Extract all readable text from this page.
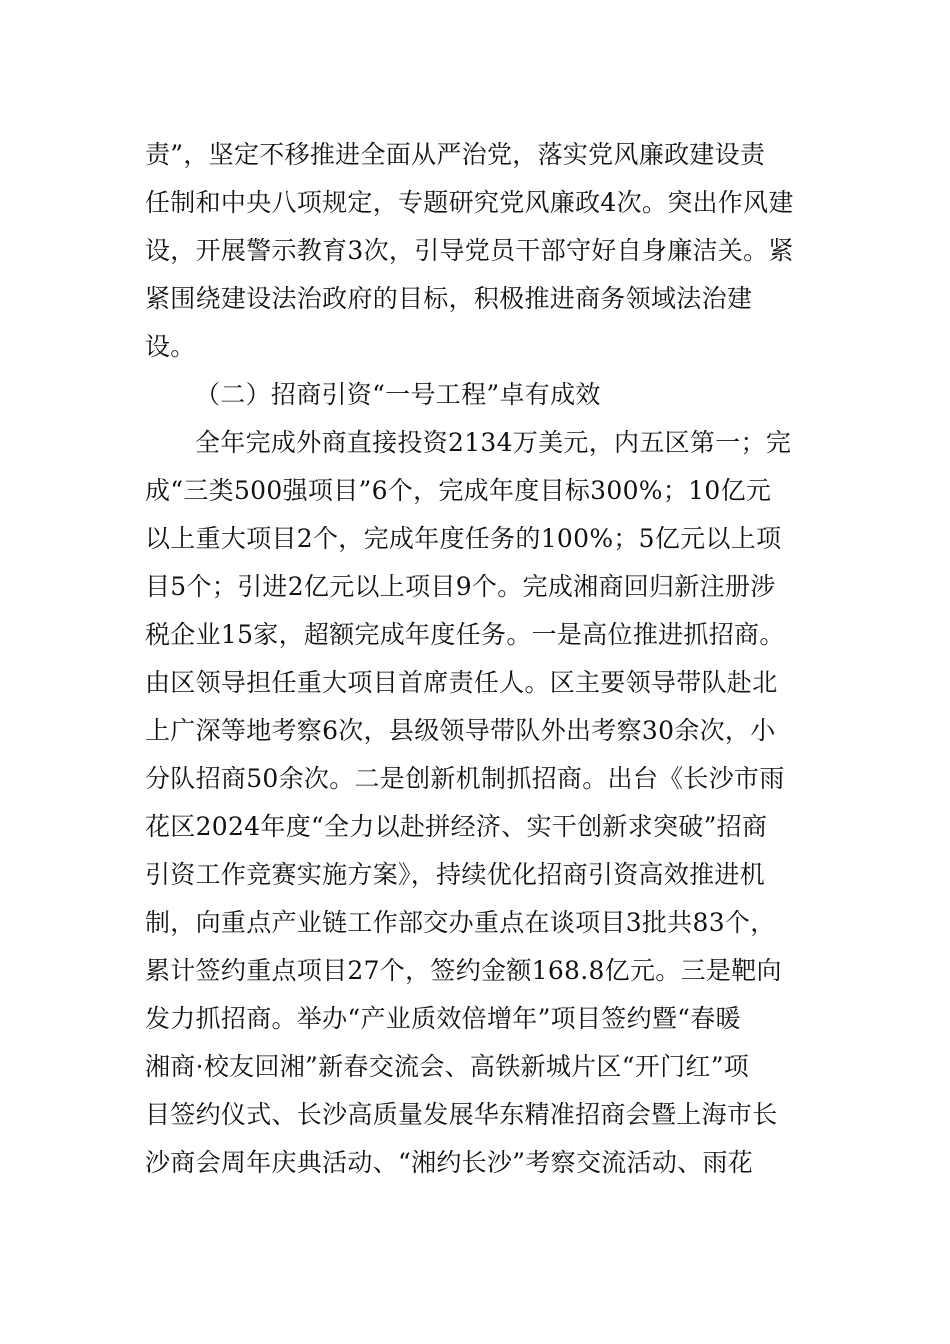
责”，坚定不移推进全面从严治党，落实党风廉政建设责
任制和中央八项规定，专题研究党风廉政4次。突出作风建
设，开展警示教育3次，引导党员干部守好自身廉洁关。紧
紧围绕建设法治政府的目标，积极推进商务领域法治建
设。
（二）招商引资“一号工程”卓有成效
全年完成外商直接投资2134万美元，内五区第一；完
成“三类500强项目”6个，完成年度目标300%；10亿元
以上重大项目2个，完成年度任务的100%；5亿元以上项
目5个；引进2亿元以上项目9个。完成湘商回归新注册涉
税企业15家，超额完成年度任务。一是高位推进抓招商。
由区领导担任重大项目首席责任人。区主要领导带队赴北
上广深等地考察6次，县级领导带队外出考察30余次，小
分队招商50余次。二是创新机制抓招商。出台《长沙市雨
花区2024年度“全力以赴拼经济、实干创新求突破”招商
引资工作竞赛实施方案》，持续优化招商引资高效推进机
制，向重点产业链工作部交办重点在谈项目3批共83个，
累计签约重点项目27个，签约金额168.8亿元。三是靶向
发力抓招商。举办“产业质效倍增年”项目签约暨“春暖
湘商·校友回湘”新春交流会、高铁新城片区“开门红”项
目签约仪式、长沙高质量发展华东精准招商会暨上海市长
沙商会周年庆典活动、“湘约长沙”考察交流活动、雨花
